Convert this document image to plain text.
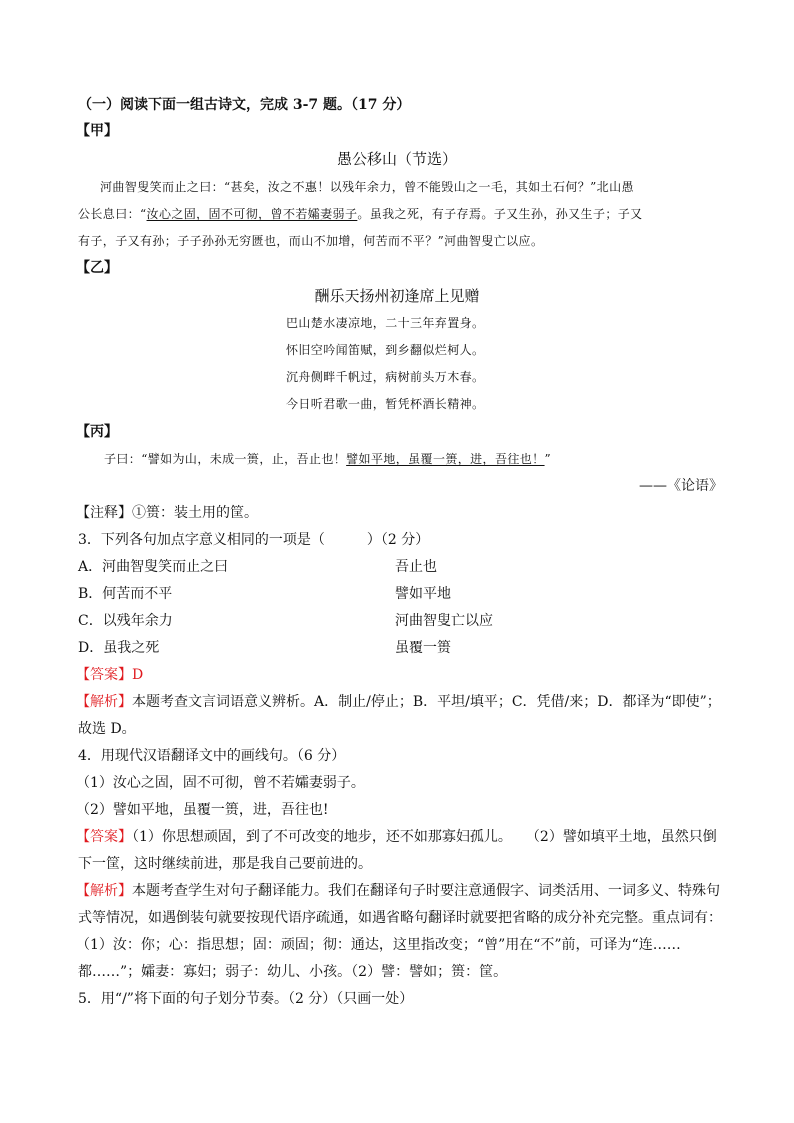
（一）阅读下面一组古诗文，完成 3-7 题。（17 分）
【甲】
愚公移山（节选）
河曲智叟笑而止之曰：“甚矣，汝之不惠！以残年余力，曾不能毁山之一毛，其如土石何？”北山愚
公长息曰：“汝心之固，固不可彻，曾不若孀妻弱子。虽我之死，有子存焉。子又生孙，孙又生子；子又
有子，子又有孙；子子孙孙无穷匮也，而山不加增，何苦而不平？”河曲智叟亡以应。
【乙】
酬乐天扬州初逢席上见赠
巴山楚水凄凉地，二十三年弃置身。
怀旧空吟闻笛赋，到乡翻似烂柯人。
沉舟侧畔千帆过，病树前头万木春。
今日听君歌一曲，暂凭杯酒长精神。
【丙】
子曰：“譬如为山，未成一篑，止，吾止也！譬如平地，虽覆一篑，进，吾往也！”
——《论语》
【注释】①篑：装土用的筐。
3．下列各句加点字意义相同的一项是（　　　）（2 分）
A．河曲智叟笑而止之曰	吾止也
B．何苦而不平	譬如平地
C．以残年余力	河曲智叟亡以应
D．虽我之死	虽覆一篑
【答案】D
【解析】本题考查文言词语意义辨析。A．制止/停止；B．平坦/填平；C．凭借/来；D．都译为“即使”；
故选 D。
4．用现代汉语翻译文中的画线句。（6 分）
（1）汝心之固，固不可彻，曾不若孀妻弱子。
（2）譬如平地，虽覆一篑，进，吾往也!
【答案】（1）你思想顽固，到了不可改变的地步，还不如那寡妇孤儿。　　（2）譬如填平土地，虽然只倒
下一筐，这时继续前进，那是我自己要前进的。
【解析】本题考查学生对句子翻译能力。我们在翻译句子时要注意通假字、词类活用、一词多义、特殊句
式等情况，如遇倒装句就要按现代语序疏通，如遇省略句翻译时就要把省略的成分补充完整。重点词有：
（1）汝：你；心：指思想；固：顽固；彻：通达，这里指改变；“曾”用在“不”前，可译为“连……
都……”；孀妻：寡妇；弱子：幼儿、小孩。（2）譬：譬如；篑：筐。
5．用“/”将下面的句子划分节奏。（2 分）（只画一处）
